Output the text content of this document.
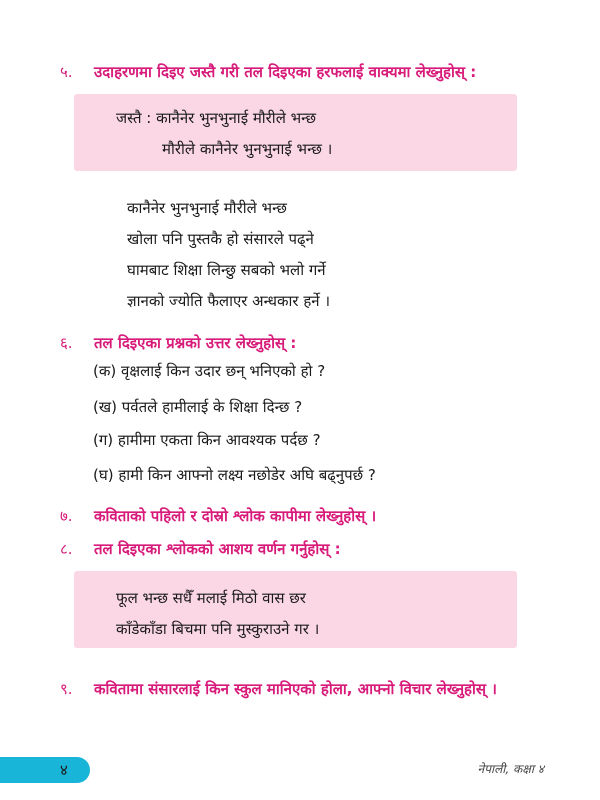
५. उदाहरणमा दिइए जस्तै गरी तल दिइएका हरफलाई वाक्यमा लेख्नुहोस् :
जस्तै : कानैनेर भुनभुनाई मौरीले भन्छ
मौरीले कानैनेर भुनभुनाई भन्छ ।
कानैनेर भुनभुनाई मौरीले भन्छ
खोला पनि पुस्तकै हो संसारले पढ्ने
घामबाट शिक्षा लिन्छु सबको भलो गर्ने
ज्ञानको ज्योति फैलाएर अन्धकार हर्ने ।
६. तल दिइएका प्रश्नको उत्तर लेख्नुहोस् :
(क) वृक्षलाई किन उदार छन् भनिएको हो ?
(ख) पर्वतले हामीलाई के शिक्षा दिन्छ ?
(ग) हामीमा एकता किन आवश्यक पर्दछ ?
(घ) हामी किन आफ्नो लक्ष्य नछोडेर अघि बढ्नुपर्छ ?
७. कविताको पहिलो र दोस्रो श्लोक कापीमा लेख्नुहोस् ।
८. तल दिइएका श्लोकको आशय वर्णन गर्नुहोस् :
फूल भन्छ सधैँ मलाई मिठो वास छर
काँडेकाँडा बिचमा पनि मुस्कुराउने गर ।
९. कवितामा संसारलाई किन स्कुल मानिएको होला, आफ्नो विचार लेख्नुहोस् ।
४	नेपाली, कक्षा ४
